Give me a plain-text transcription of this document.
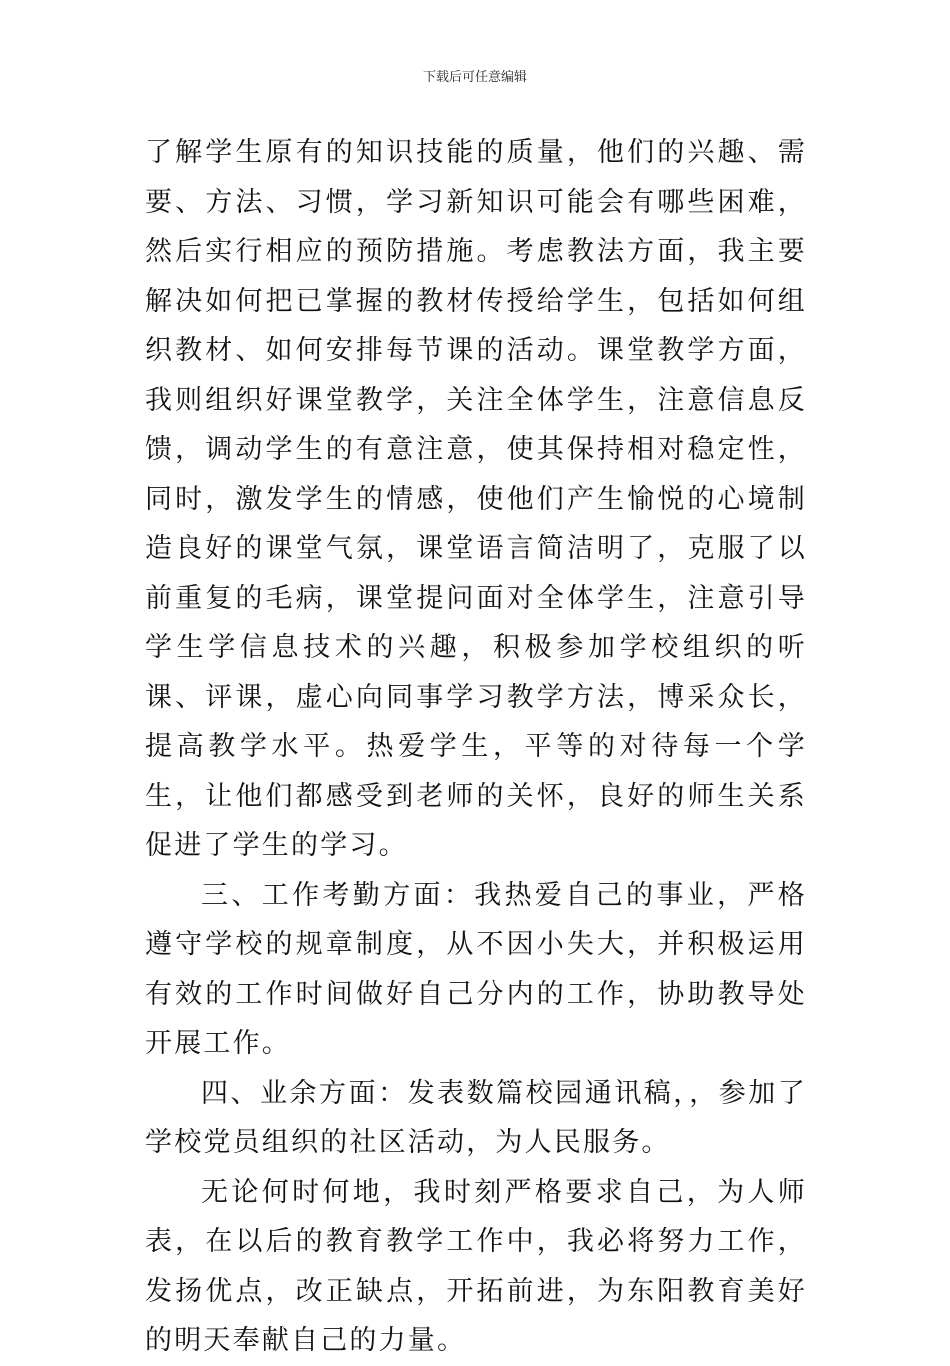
下载后可任意编辑

了解学生原有的知识技能的质量，他们的兴趣、需要、方法、习惯，学习新知识可能会有哪些困难，然后实行相应的预防措施。考虑教法方面，我主要解决如何把已掌握的教材传授给学生，包括如何组织教材、如何安排每节课的活动。课堂教学方面，我则组织好课堂教学，关注全体学生，注意信息反馈，调动学生的有意注意，使其保持相对稳定性，同时，激发学生的情感，使他们产生愉悦的心境制造良好的课堂气氛，课堂语言简洁明了，克服了以前重复的毛病，课堂提问面对全体学生，注意引导学生学信息技术的兴趣，积极参加学校组织的听课、评课，虚心向同事学习教学方法，博采众长，提高教学水平。热爱学生，平等的对待每一个学生，让他们都感受到老师的关怀，良好的师生关系促进了学生的学习。

三、工作考勤方面：我热爱自己的事业，严格遵守学校的规章制度，从不因小失大，并积极运用有效的工作时间做好自己分内的工作，协助教导处开展工作。

四、业余方面：发表数篇校园通讯稿，，参加了学校党员组织的社区活动，为人民服务。

无论何时何地，我时刻严格要求自己，为人师表，在以后的教育教学工作中，我必将努力工作，发扬优点，改正缺点，开拓前进，为东阳教育美好的明天奉献自己的力量。
